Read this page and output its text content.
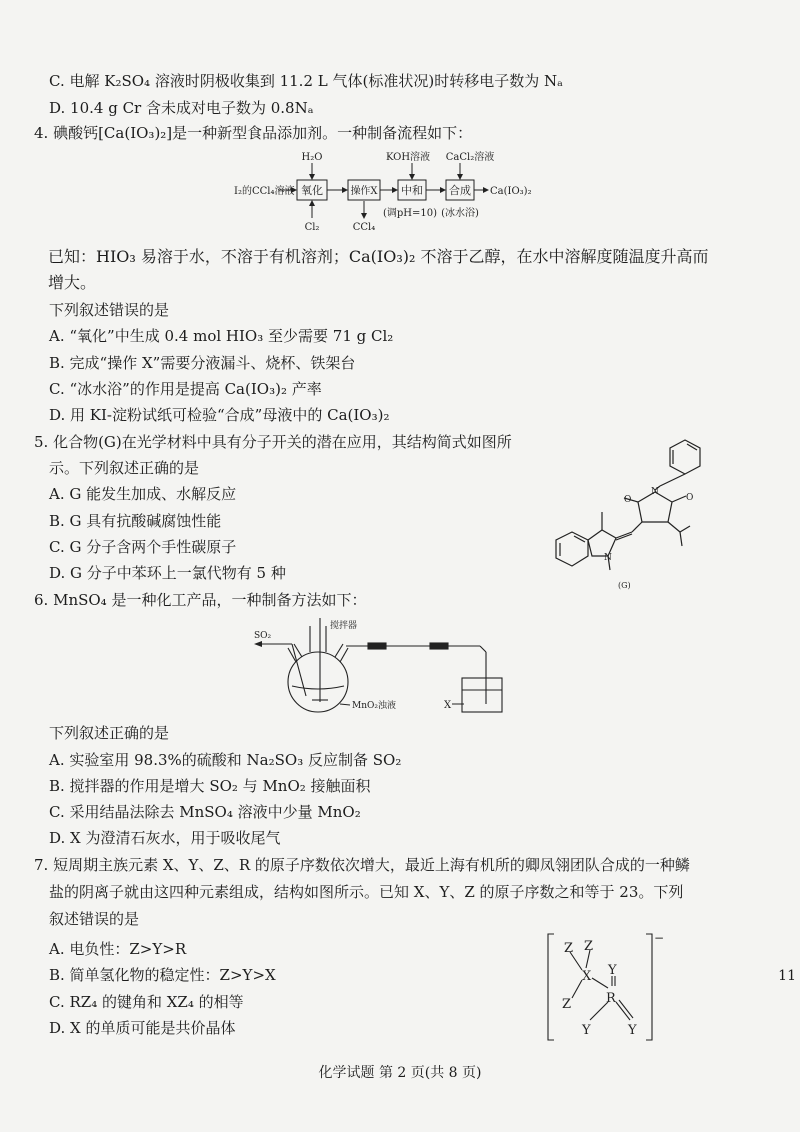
C. 电解 K₂SO₄ 溶液时阴极收集到 11.2 L 气体(标准状况)时转移电子数为 Nₐ
D. 10.4 g Cr 含未成对电子数为 0.8Nₐ
4. 碘酸钙[Ca(IO₃)₂]是一种新型食品添加剂。一种制备流程如下：
I₂的CCl₄溶液 氧化
H₂O
Cl₂
操作X
CCl₄
中和
KOH溶液
(调pH=10)
合成
CaCl₂溶液
(冰水浴)
Ca(IO₃)₂
已知：HIO₃ 易溶于水，不溶于有机溶剂；Ca(IO₃)₂ 不溶于乙醇，在水中溶解度随温度升高而
增大。
下列叙述错误的是
A. “氧化”中生成 0.4 mol HIO₃ 至少需要 71 g Cl₂
B. 完成“操作 X”需要分液漏斗、烧杯、铁架台
C. “冰水浴”的作用是提高 Ca(IO₃)₂ 产率
D. 用 KI-淀粉试纸可检验“合成”母液中的 Ca(IO₃)₂
5. 化合物(G)在光学材料中具有分子开关的潜在应用，其结构简式如图所
示。下列叙述正确的是
A. G 能发生加成、水解反应
B. G 具有抗酸碱腐蚀性能
C. G 分子含两个手性碳原子
D. G 分子中苯环上一氯代物有 5 种
O	O
N
N
(G)
6. MnSO₄ 是一种化工产品，一种制备方法如下：
SO₂
搅拌器
MnO₂浊液	X
下列叙述正确的是
A. 实验室用 98.3%的硫酸和 Na₂SO₃ 反应制备 SO₂
B. 搅拌器的作用是增大 SO₂ 与 MnO₂ 接触面积
C. 采用结晶法除去 MnSO₄ 溶液中少量 MnO₂
D. X 为澄清石灰水，用于吸收尾气
7. 短周期主族元素 X、Y、Z、R 的原子序数依次增大，最近上海有机所的卿凤翎团队合成的一种鳞
盐的阴离子就由这四种元素组成，结构如图所示。已知 X、Y、Z 的原子序数之和等于 23。下列
叙述错误的是
A. 电负性：Z>Y>R
B. 简单氢化物的稳定性：Z>Y>X
C. RZ₄ 的键角和 XZ₄ 的相等
D. X 的单质可能是共价晶体
Z Z
X Y
Z	R
Y	Y
−
11
化学试题 第 2 页(共 8 页)
